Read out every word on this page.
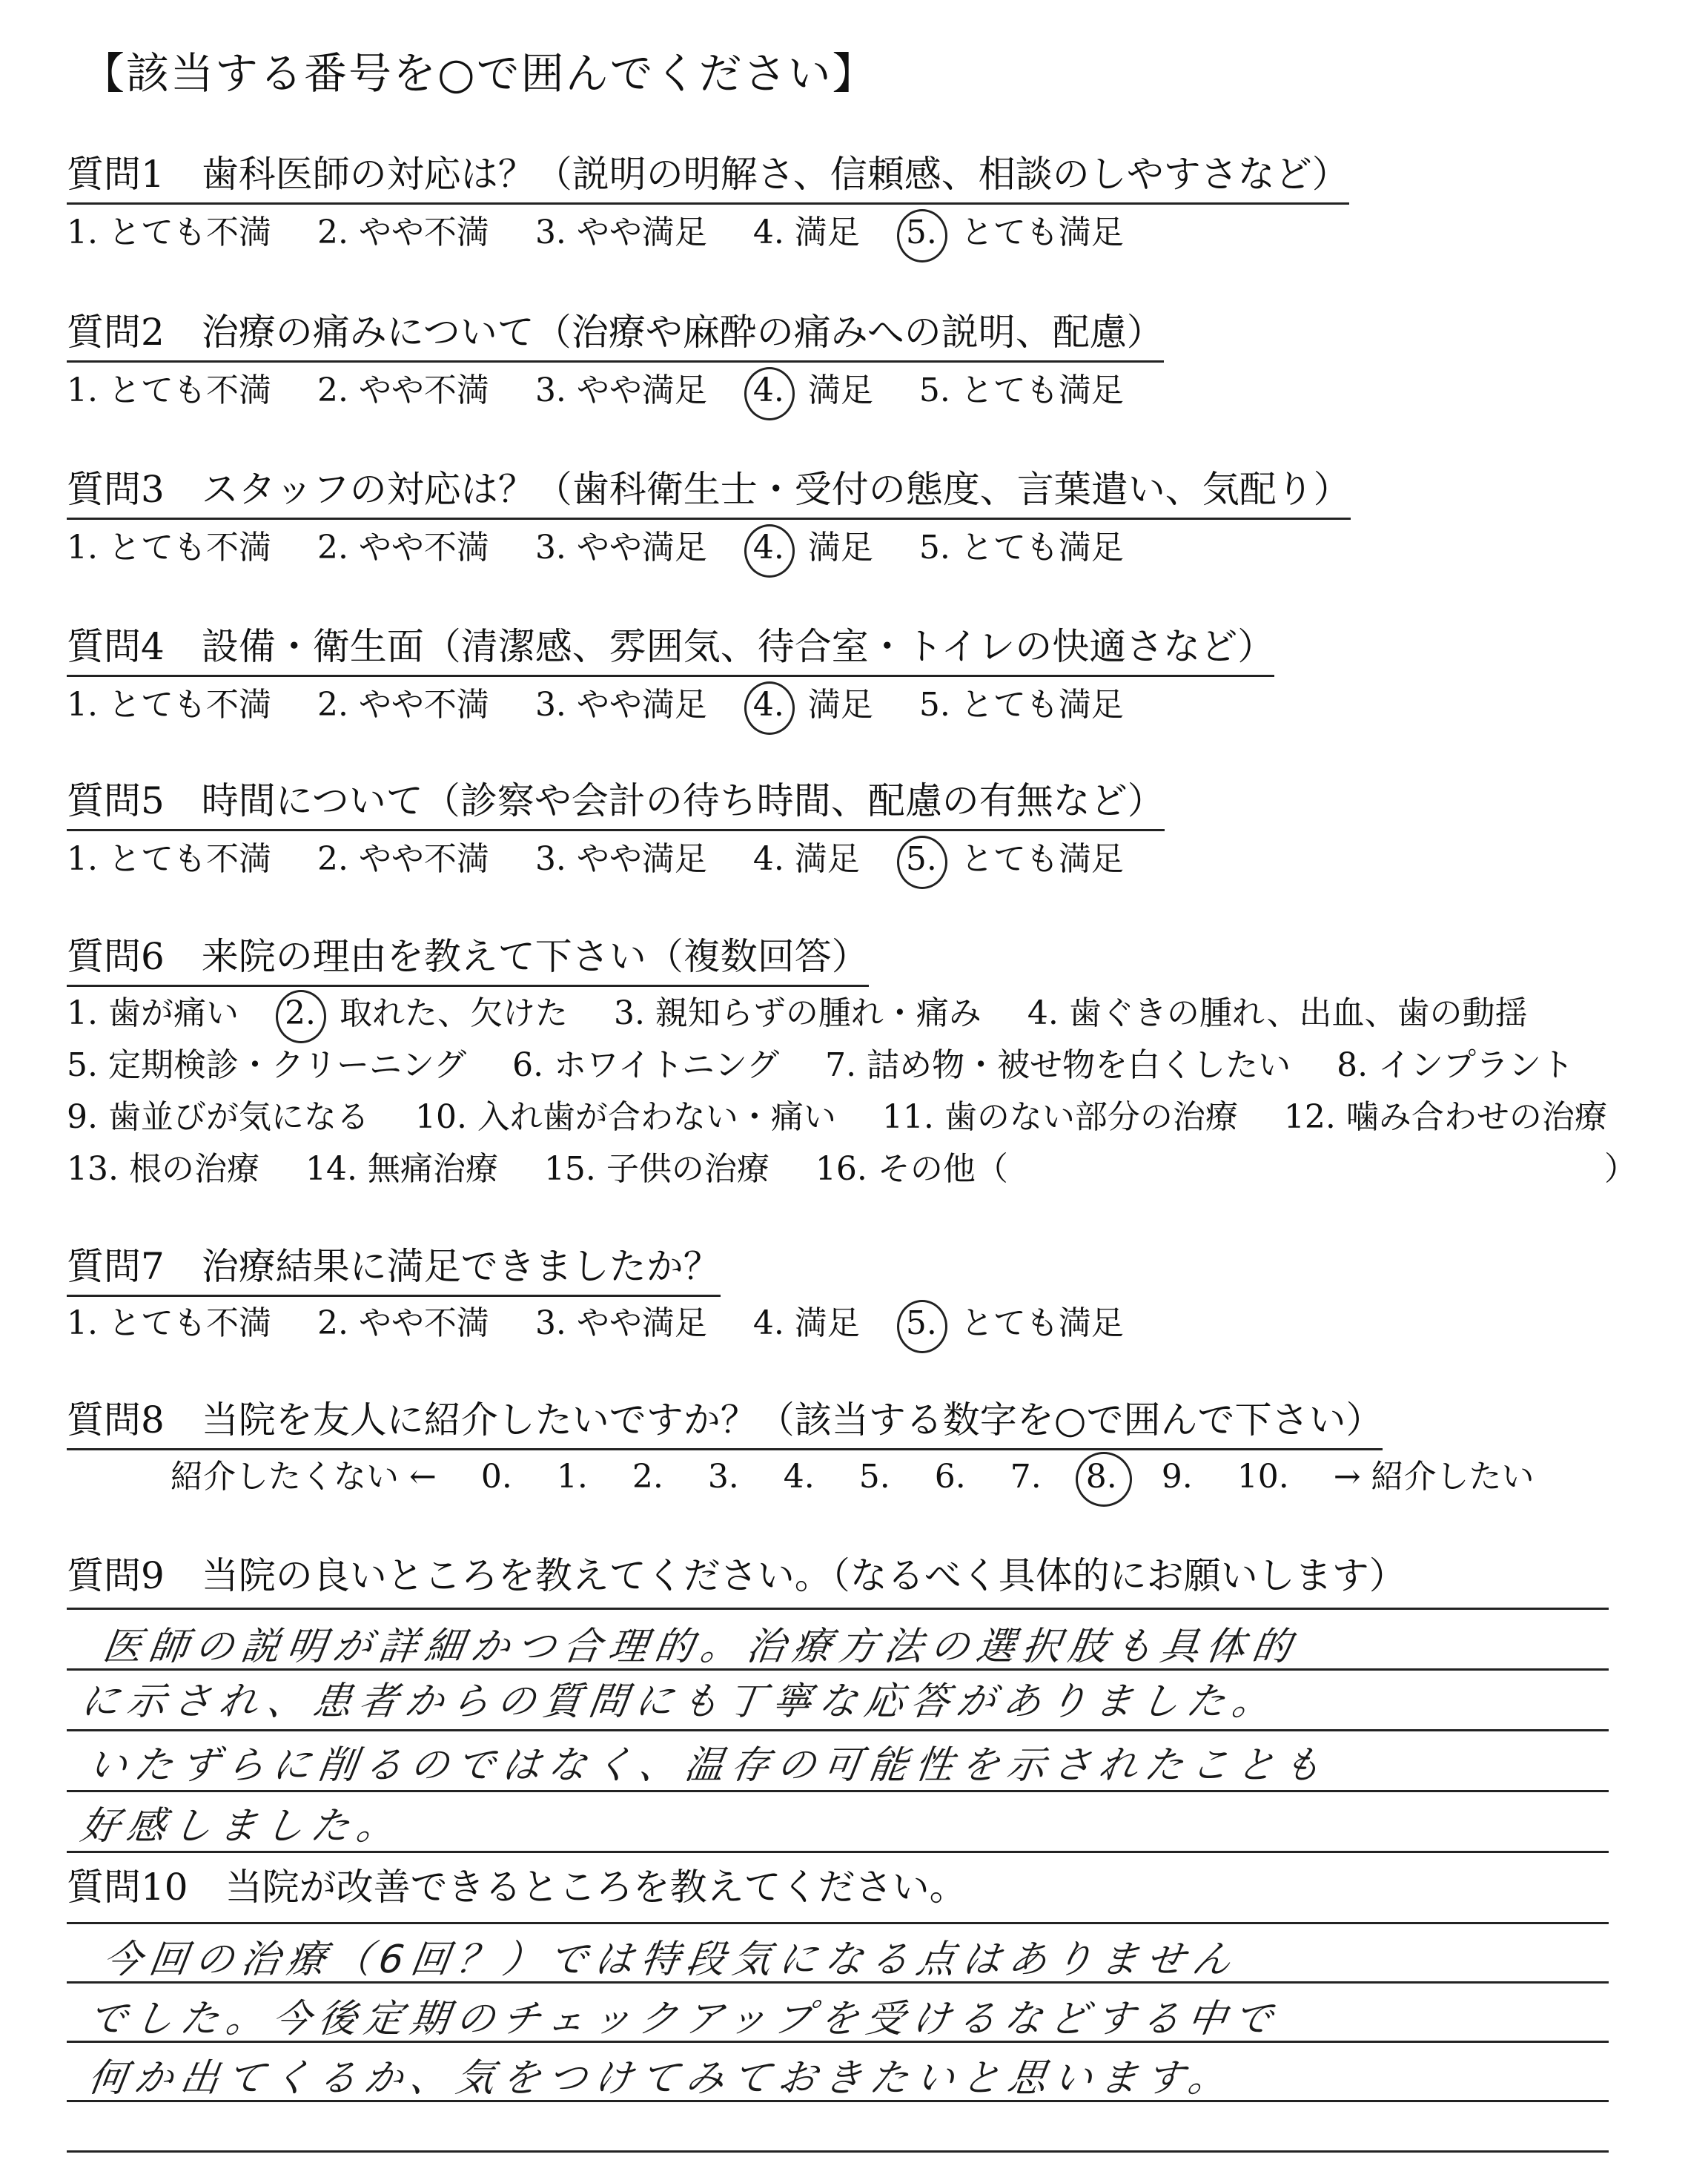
【該当する番号を○で囲んでください】
質問1　歯科医師の対応は？（説明の明解さ、信頼感、相談のしやすさなど）
1. とても不満 2. やや不満 3. やや満足 4. 満足 5. とても満足
質問2　治療の痛みについて（治療や麻酔の痛みへの説明、配慮）
1. とても不満 2. やや不満 3. やや満足 4. 満足 5. とても満足
質問3　スタッフの対応は？（歯科衛生士・受付の態度、言葉遣い、気配り）
1. とても不満 2. やや不満 3. やや満足 4. 満足 5. とても満足
質問4　設備・衛生面（清潔感、雰囲気、待合室・トイレの快適さなど）
1. とても不満 2. やや不満 3. やや満足 4. 満足 5. とても満足
質問5　時間について（診察や会計の待ち時間、配慮の有無など）
1. とても不満 2. やや不満 3. やや満足 4. 満足 5. とても満足
質問6　来院の理由を教えて下さい（複数回答）
1. 歯が痛い 2. 取れた、欠けた 3. 親知らずの腫れ・痛み 4. 歯ぐきの腫れ、出血、歯の動揺
5. 定期検診・クリーニング 6. ホワイトニング 7. 詰め物・被せ物を白くしたい 8. インプラント
9. 歯並びが気になる 10. 入れ歯が合わない・痛い 11. 歯のない部分の治療 12. 噛み合わせの治療
13. 根の治療 14. 無痛治療 15. 子供の治療 16. その他（	）
質問7　治療結果に満足できましたか？
1. とても不満 2. やや不満 3. やや満足 4. 満足 5. とても満足
質問8　当院を友人に紹介したいですか？（該当する数字を○で囲んで下さい）
紹介したくない ← 0. 1. 2. 3. 4. 5. 6. 7. 8. 9. 10. → 紹介したい
質問9　当院の良いところを教えてください。（なるべく具体的にお願いします）
医師の説明が詳細かつ合理的。治療方法の選択肢も具体的
に示され、患者からの質問にも丁寧な応答がありました。
いたずらに削るのではなく、温存の可能性を示されたことも
好感しました。
質問10　当院が改善できるところを教えてください。
今回の治療（6回？）では特段気になる点はありません
でした。今後定期のチェックアップを受けるなどする中で
何か出てくるか、気をつけてみておきたいと思います。
